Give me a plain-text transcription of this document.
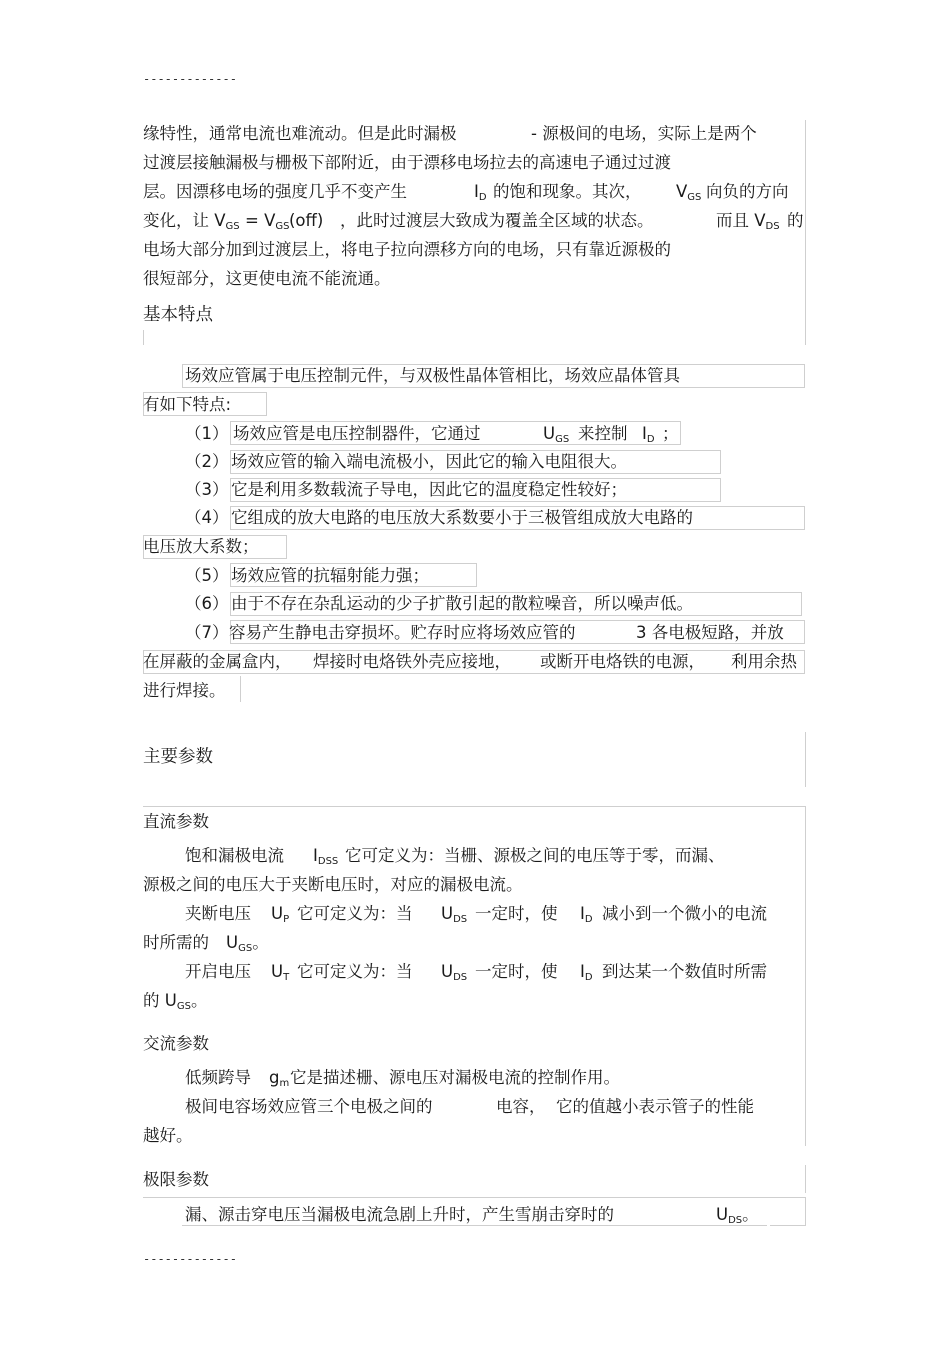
-------------
-------------
缘特性，通常电流也难流动。但是此时漏极	- 源极间的电场，实际上是两个
过渡层接触漏极与栅极下部附近，由于漂移电场拉去的高速电子通过过渡
层。因漂移电场的强度几乎不变产生	$I_D$ 的饱和现象。其次， $V_{GS}$ 向负的方向
变化，让 $V_{GS} = V_{GS}$ (off) ，此时过渡层大致成为覆盖全区域的状态。	而且 $V_{DS}$ 的
电场大部分加到过渡层上，将电子拉向漂移方向的电场，只有靠近源极的
很短部分，这更使电流不能流通。
基本特点
场效应管属于电压控制元件，与双极性晶体管相比，场效应晶体管具
有如下特点:
（1） 场效应管是电压控制器件，它通过	$U_{GS}$ 来控制 $I_D$ ；
（2） 场效应管的输入端电流极小，因此它的输入电阻很大。
（3） 它是利用多数载流子导电，因此它的温度稳定性较好；
（4） 它组成的放大电路的电压放大系数要小于三极管组成放大电路的
电压放大系数；
（5） 场效应管的抗辐射能力强；
（6） 由于不存在杂乱运动的少子扩散引起的散粒噪音，所以噪声低。
（7） 容易产生静电击穿损坏。贮存时应将场效应管的	3 各电极短路，并放
在屏蔽的金属盒内， 焊接时电烙铁外壳应接地， 或断开电烙铁的电源， 利用余热
进行焊接。
主要参数
直流参数
饱和漏极电流 $I_{DSS}$ 它可定义为：当栅、源极之间的电压等于零，而漏、
源极之间的电压大于夹断电压时，对应的漏极电流。
夹断电压 $U_P$ 它可定义为：当 $U_{DS}$ 一定时，使 $I_D$ 减小到一个微小的电流
时所需的 $U_{GS}$。
开启电压 $U_T$ 它可定义为：当 $U_{DS}$ 一定时，使 $I_D$ 到达某一个数值时所需
的 $U_{GS}$。
交流参数
低频跨导 $g_m$ 它是描述栅、源电压对漏极电流的控制作用。
极间电容场效应管三个电极之间的	电容， 它的值越小表示管子的性能
越好。
极限参数
漏、源击穿电压当漏极电流急剧上升时，产生雪崩击穿时的	$U_{DS}$。
